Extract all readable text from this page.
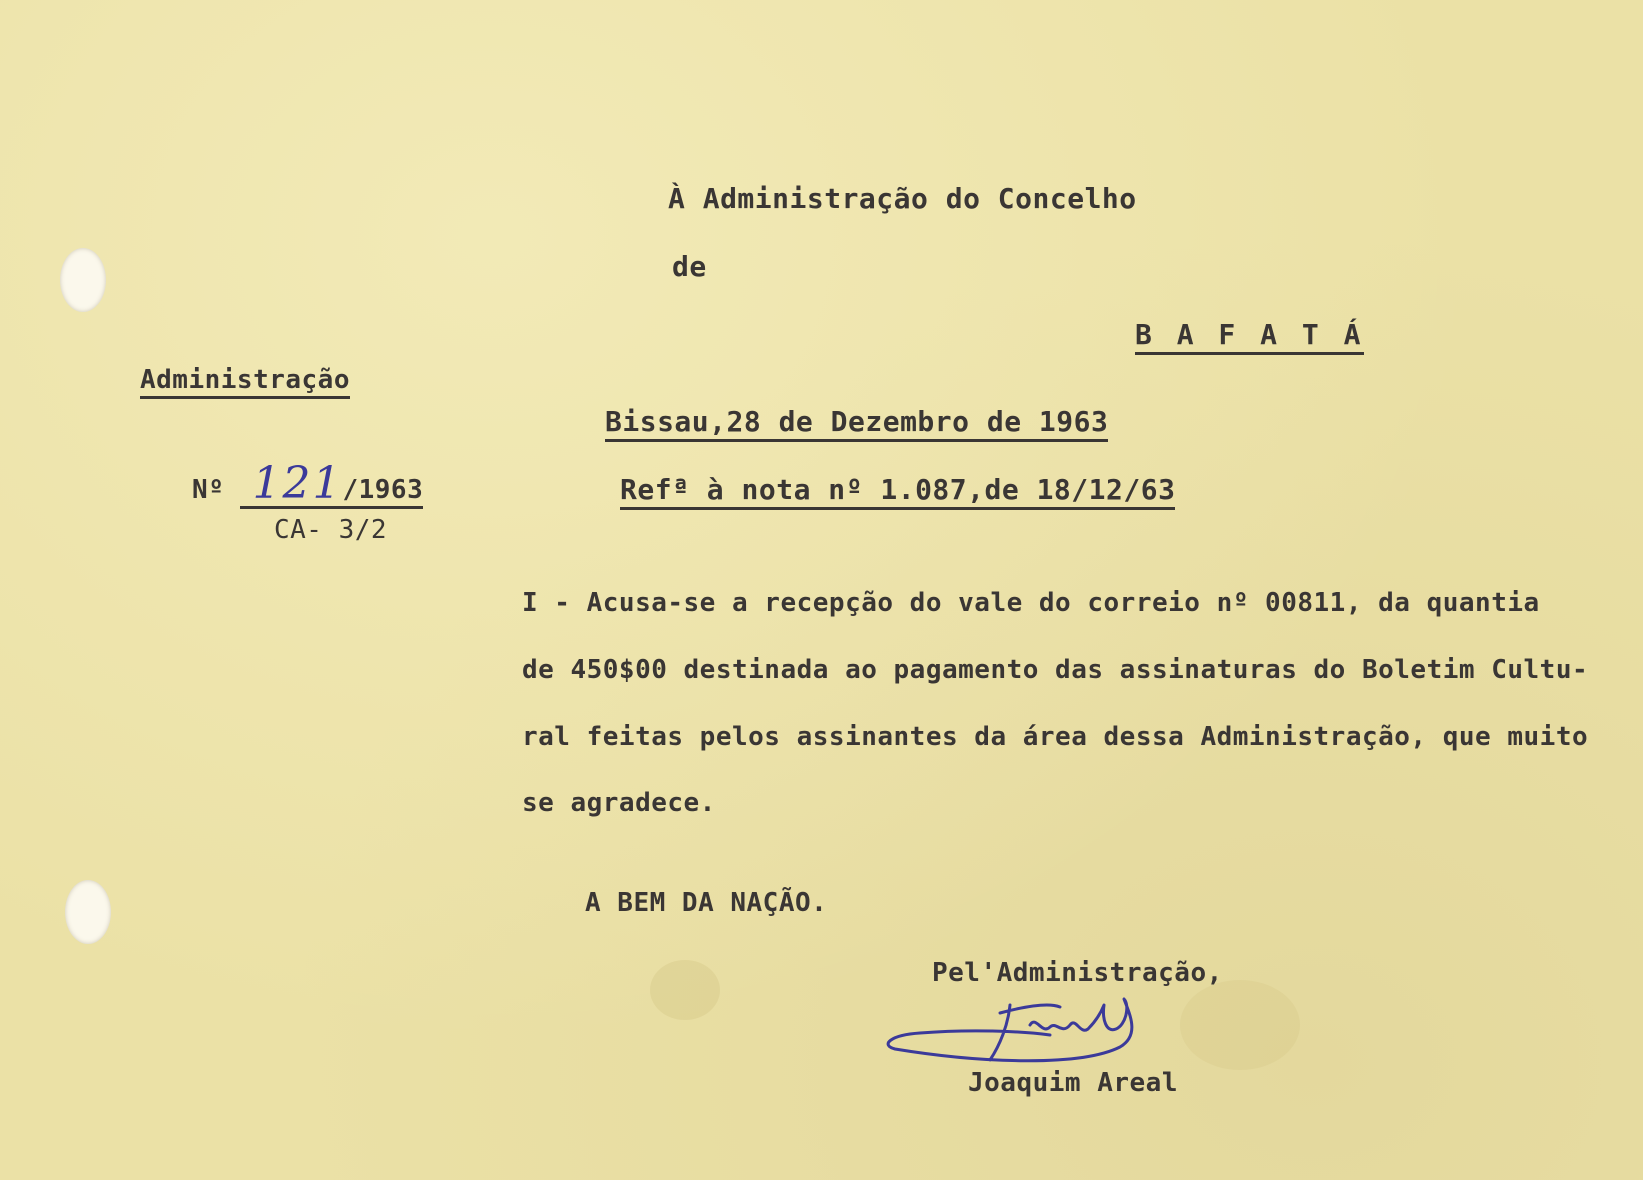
À Administração do Concelho
de
B A F A T Á
Administração
Nº 121/1963
CA- 3/2
Bissau,28 de Dezembro de 1963
Refª à nota nº 1.087,de 18/12/63
I - Acusa-se a recepção do vale do correio nº 00811, da quantia
de 450$00 destinada ao pagamento das assinaturas do Boletim Cultu-
ral feitas pelos assinantes da área dessa Administração, que muito
se agradece.
A BEM DA NAÇÃO.
Pel'Administração,
Joaquim Areal
